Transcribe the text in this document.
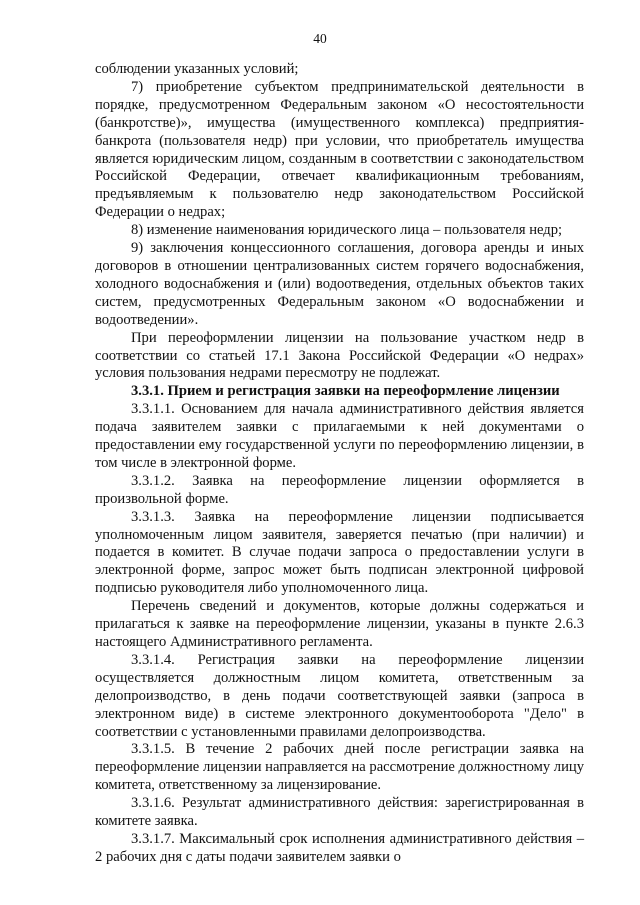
40

соблюдении указанных условий;

7) приобретение субъектом предпринимательской деятельности в порядке, предусмотренном Федеральным законом «О несостоятельности (банкротстве)», имущества (имущественного комплекса) предприятия-банкрота (пользователя недр) при условии, что приобретатель имущества является юридическим лицом, созданным в соответствии с законодательством Российской Федерации, отвечает квалификационным требованиям, предъявляемым к пользователю недр законодательством Российской Федерации о недрах;

8) изменение наименования юридического лица – пользователя недр;

9) заключения концессионного соглашения, договора аренды и иных договоров в отношении централизованных систем горячего водоснабжения, холодного водоснабжения и (или) водоотведения, отдельных объектов таких систем, предусмотренных Федеральным законом «О водоснабжении и водоотведении».

При переоформлении лицензии на пользование участком недр в соответствии со статьей 17.1 Закона Российской Федерации «О недрах» условия пользования недрами пересмотру не подлежат.

3.3.1. Прием и регистрация заявки на переоформление лицензии

3.3.1.1. Основанием для начала административного действия является подача заявителем заявки с прилагаемыми к ней документами о предоставлении ему государственной услуги по переоформлению лицензии, в том числе в электронной форме.

3.3.1.2. Заявка на переоформление лицензии оформляется в произвольной форме.

3.3.1.3. Заявка на переоформление лицензии подписывается уполномоченным лицом заявителя, заверяется печатью (при наличии) и подается в комитет. В случае подачи запроса о предоставлении услуги в электронной форме, запрос может быть подписан электронной цифровой подписью руководителя либо уполномоченного лица.

Перечень сведений и документов, которые должны содержаться и прилагаться к заявке на переоформление лицензии, указаны в пункте 2.6.3 настоящего Административного регламента.

3.3.1.4. Регистрация заявки на переоформление лицензии осуществляется должностным лицом комитета, ответственным за делопроизводство, в день подачи соответствующей заявки (запроса в электронном виде) в системе электронного документооборота "Дело" в соответствии с установленными правилами делопроизводства.

3.3.1.5. В течение 2 рабочих дней после регистрации заявка на переоформление лицензии направляется на рассмотрение должностному лицу комитета, ответственному за лицензирование.

3.3.1.6. Результат административного действия: зарегистрированная в комитете заявка.

3.3.1.7. Максимальный срок исполнения административного действия – 2 рабочих дня с даты подачи заявителем заявки о
